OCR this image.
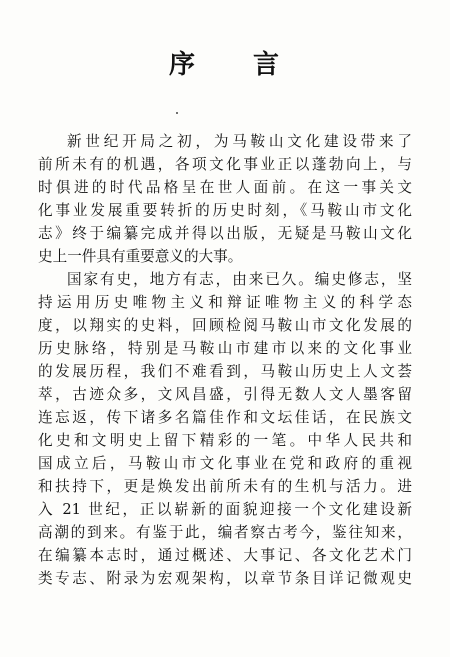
序 言
新世纪开局之初，为马鞍山文化建设带来了
前所未有的机遇，各项文化事业正以蓬勃向上，与
时俱进的时代品格呈在世人面前。在这一事关文
化事业发展重要转折的历史时刻，《马鞍山市文化
志》终于编纂完成并得以出版，无疑是马鞍山文化
史上一件具有重要意义的大事。
国家有史，地方有志，由来已久。编史修志，坚
持运用历史唯物主义和辩证唯物主义的科学态
度，以翔实的史料，回顾检阅马鞍山市文化发展的
历史脉络，特别是马鞍山市建市以来的文化事业
的发展历程，我们不难看到，马鞍山历史上人文荟
萃，古迹众多，文风昌盛，引得无数人文人墨客留
连忘返，传下诸多名篇佳作和文坛佳话，在民族文
化史和文明史上留下精彩的一笔。中华人民共和
国成立后，马鞍山市文化事业在党和政府的重视
和扶持下，更是焕发出前所未有的生机与活力。进
入 21 世纪，正以崭新的面貌迎接一个文化建设新
高潮的到来。有鉴于此，编者察古考今，鉴往知来，
在编纂本志时，通过概述、大事记、各文化艺术门
类专志、附录为宏观架构，以章节条目详记微观史
